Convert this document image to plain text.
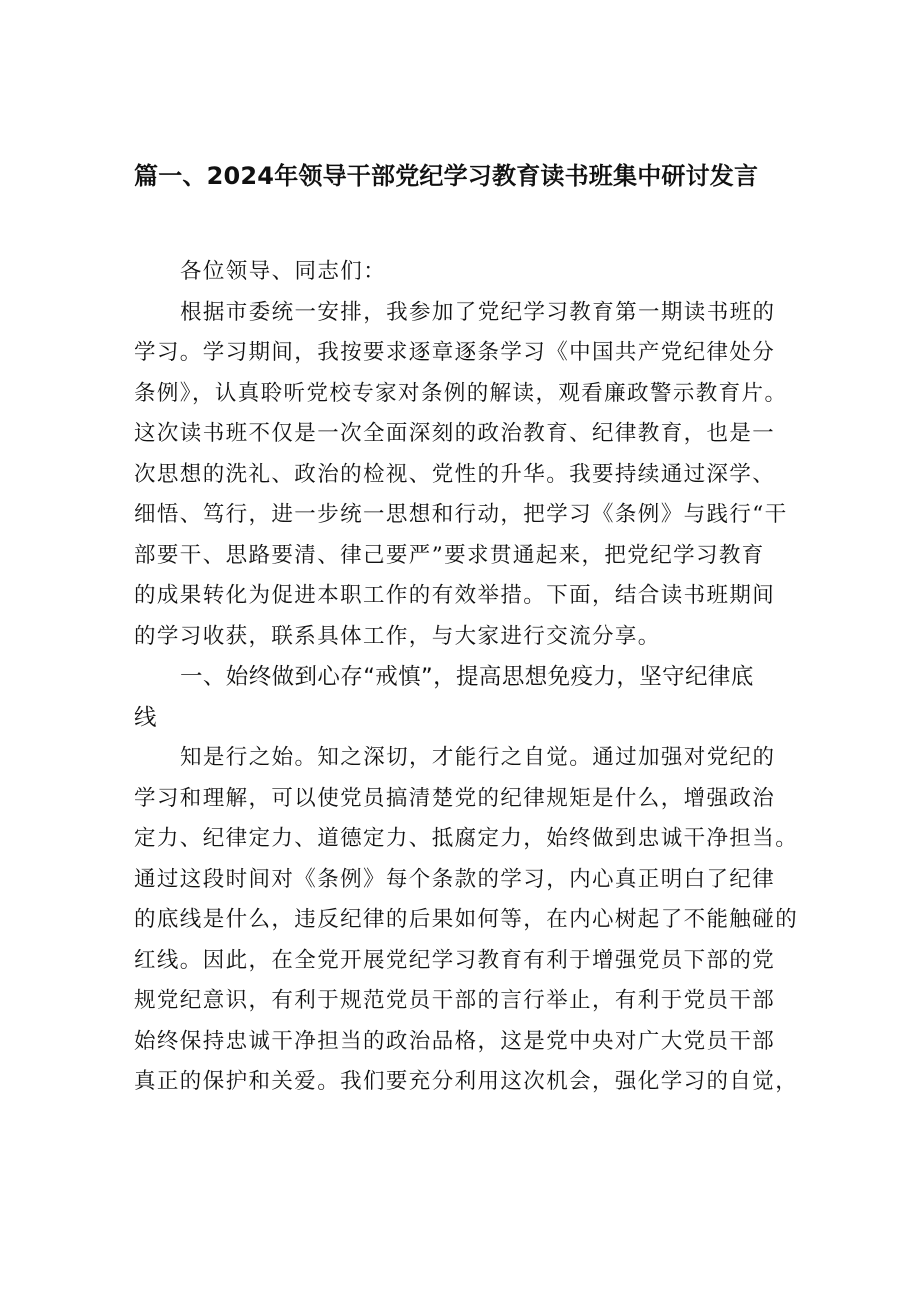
篇一、2024年领导干部党纪学习教育读书班集中研讨发言

各位领导、同志们：

根据市委统一安排，我参加了党纪学习教育第一期读书班的

学习。学习期间，我按要求逐章逐条学习《中国共产党纪律处分

条例》，认真聆听党校专家对条例的解读，观看廉政警示教育片。

这次读书班不仅是一次全面深刻的政治教育、纪律教育，也是一

次思想的洗礼、政治的检视、党性的升华。我要持续通过深学、

细悟、笃行，进一步统一思想和行动，把学习《条例》与践行“干

部要干、思路要清、律己要严”要求贯通起来，把党纪学习教育

的成果转化为促进本职工作的有效举措。下面，结合读书班期间

的学习收获，联系具体工作，与大家进行交流分享。

一、始终做到心存“戒慎”，提高思想免疫力，坚守纪律底

线

知是行之始。知之深切，才能行之自觉。通过加强对党纪的

学习和理解，可以使党员搞清楚党的纪律规矩是什么，增强政治

定力、纪律定力、道德定力、抵腐定力，始终做到忠诚干净担当。

通过这段时间对《条例》每个条款的学习，内心真正明白了纪律

的底线是什么，违反纪律的后果如何等，在内心树起了不能触碰的

红线。因此，在全党开展党纪学习教育有利于增强党员下部的党

规党纪意识，有利于规范党员干部的言行举止，有利于党员干部

始终保持忠诚干净担当的政治品格，这是党中央对广大党员干部

真正的保护和关爱。我们要充分利用这次机会，强化学习的自觉，
